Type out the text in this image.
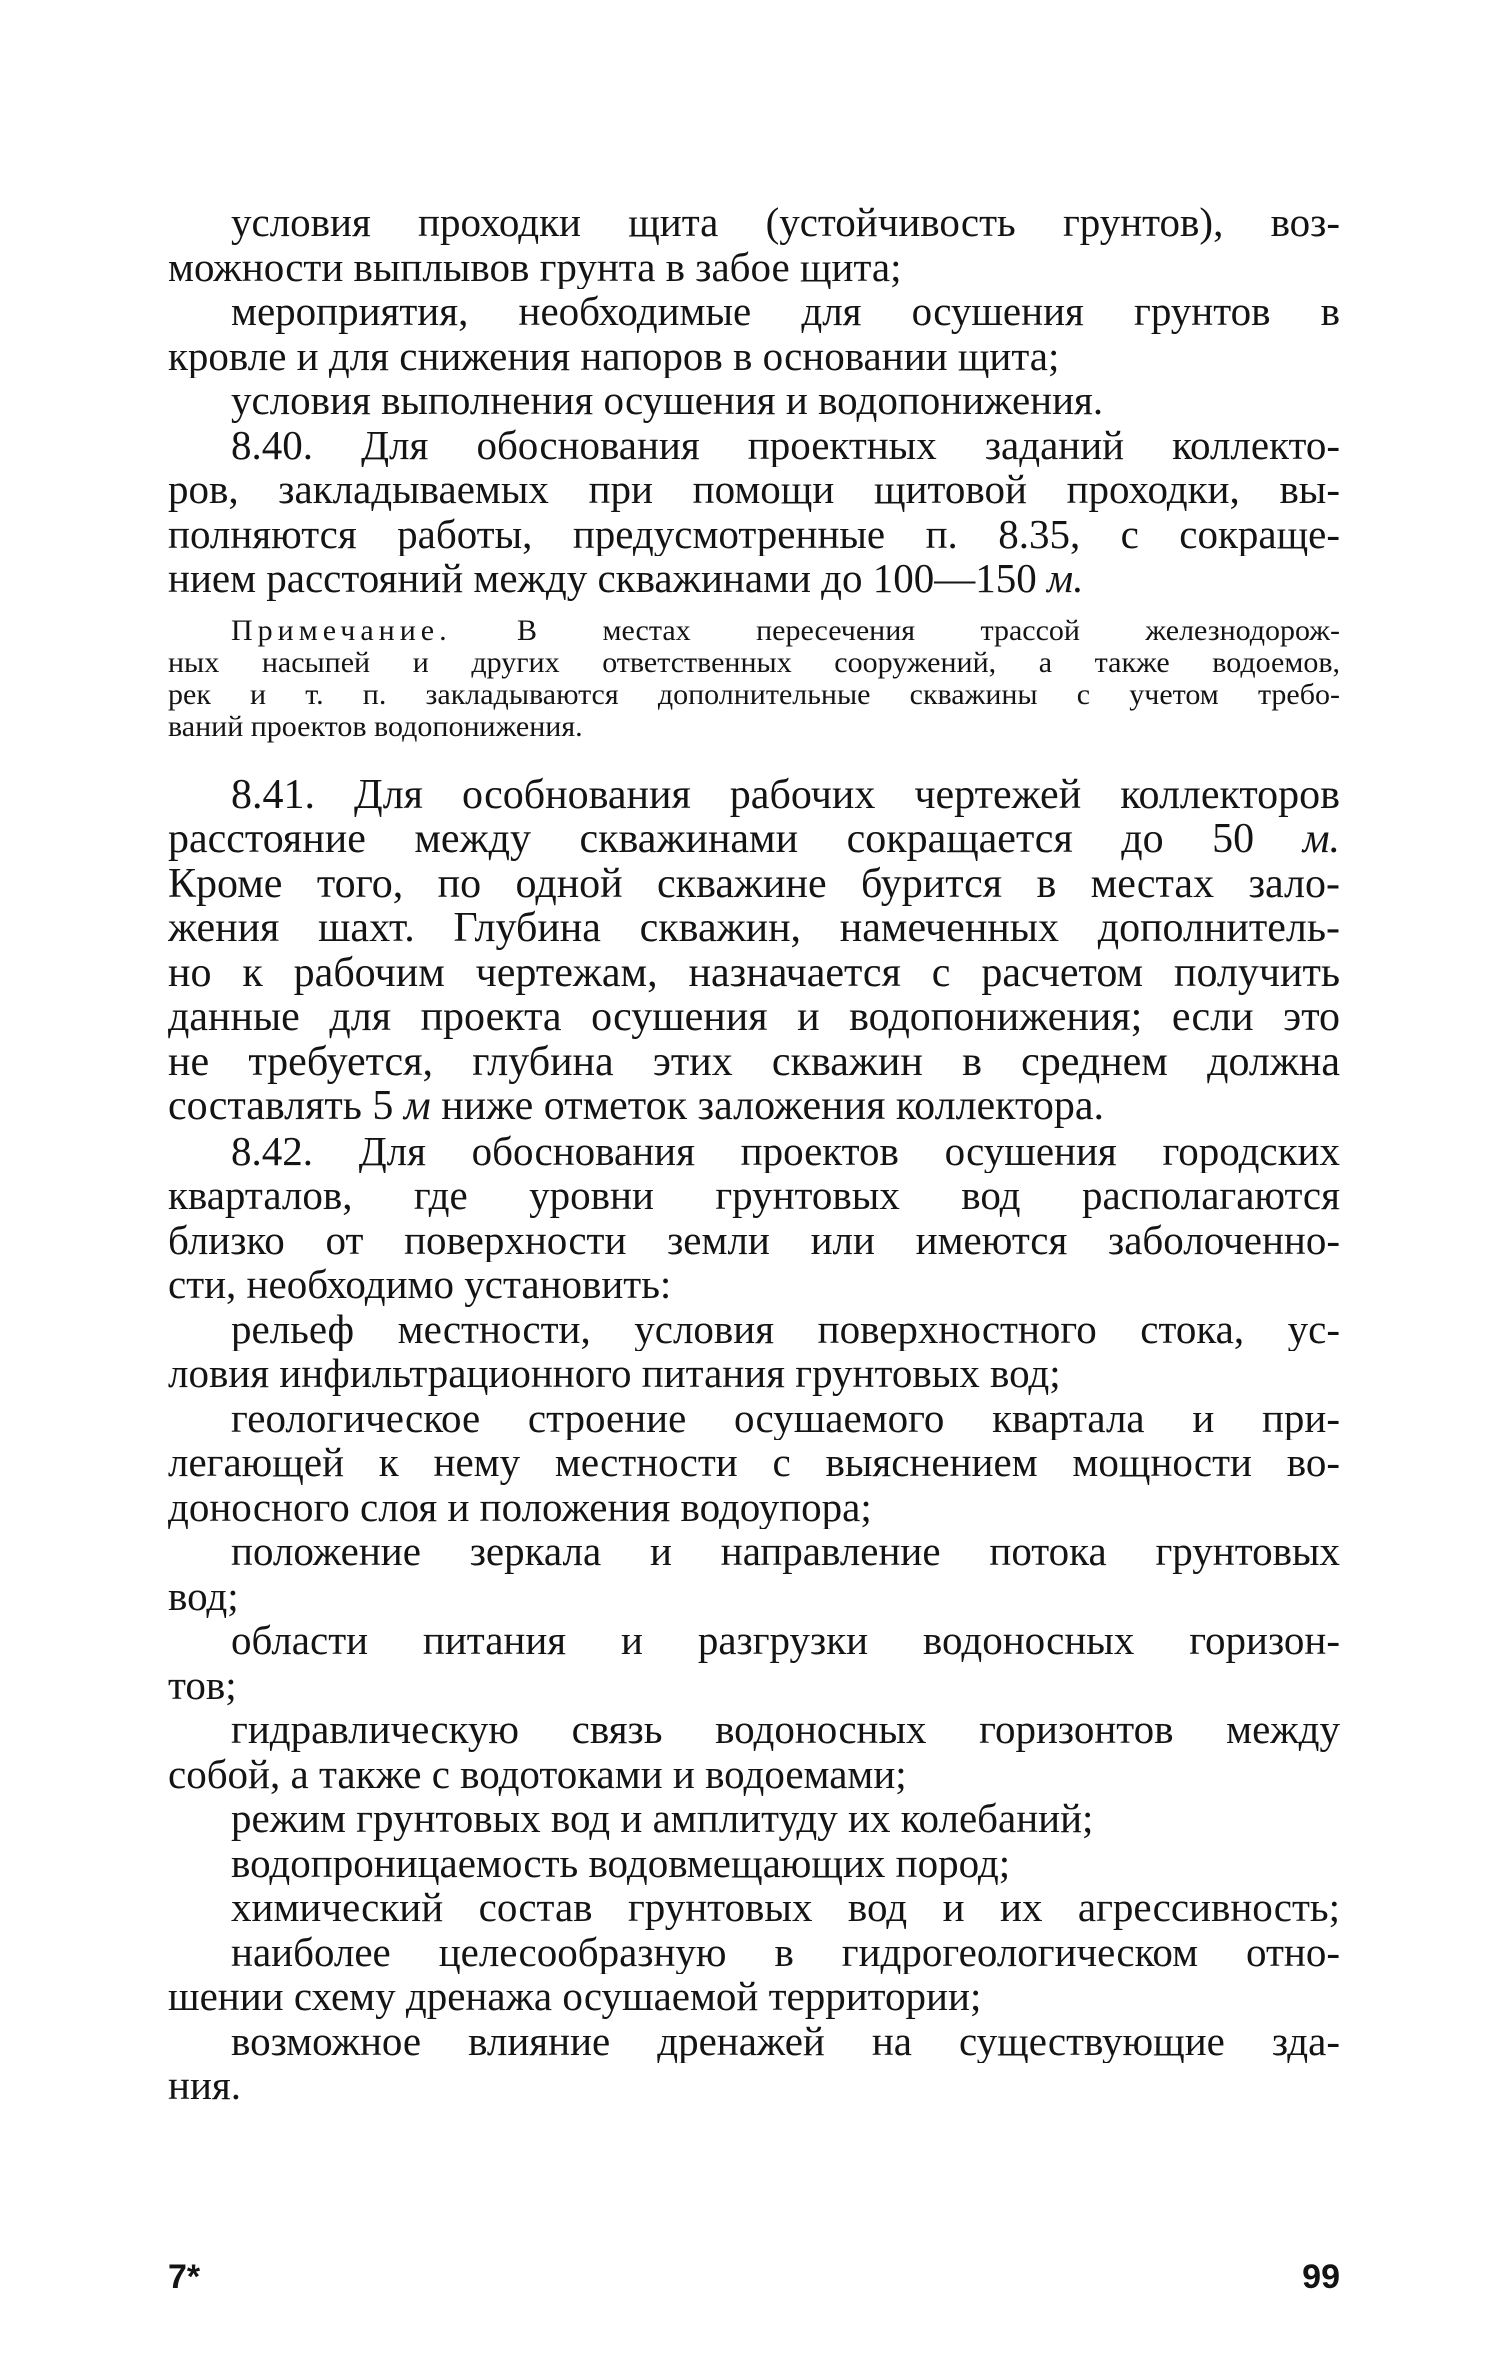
условия проходки щита (устойчивость грунтов), воз-
можности выплывов грунта в забое щита;
мероприятия, необходимые для осушения грунтов в
кровле и для снижения напоров в основании щита;
условия выполнения осушения и водопонижения.
8.40. Для обоснования проектных заданий коллекто-
ров, закладываемых при помощи щитовой проходки, вы-
полняются работы, предусмотренные п. 8.35, с сокраще-
нием расстояний между скважинами до 100—150 м.
Примечание. В местах пересечения трассой железнодорож-
ных насыпей и других ответственных сооружений, а также водоемов,
рек и т. п. закладываются дополнительные скважины с учетом требо-
ваний проектов водопонижения.
8.41. Для особнования рабочих чертежей коллекторов
расстояние между скважинами сокращается до 50 м.
Кроме того, по одной скважине бурится в местах зало-
жения шахт. Глубина скважин, намеченных дополнитель-
но к рабочим чертежам, назначается с расчетом получить
данные для проекта осушения и водопонижения; если это
не требуется, глубина этих скважин в среднем должна
составлять 5 м ниже отметок заложения коллектора.
8.42. Для обоснования проектов осушения городских
кварталов, где уровни грунтовых вод располагаются
близко от поверхности земли или имеются заболоченно-
сти, необходимо установить:
рельеф местности, условия поверхностного стока, ус-
ловия инфильтрационного питания грунтовых вод;
геологическое строение осушаемого квартала и при-
легающей к нему местности с выяснением мощности во-
доносного слоя и положения водоупора;
положение зеркала и направление потока грунтовых
вод;
области питания и разгрузки водоносных горизон-
тов;
гидравлическую связь водоносных горизонтов между
собой, а также с водотоками и водоемами;
режим грунтовых вод и амплитуду их колебаний;
водопроницаемость водовмещающих пород;
химический состав грунтовых вод и их агрессивность;
наиболее целесообразную в гидрогеологическом отно-
шении схему дренажа осушаемой территории;
возможное влияние дренажей на существующие зда-
ния.
7*	99
